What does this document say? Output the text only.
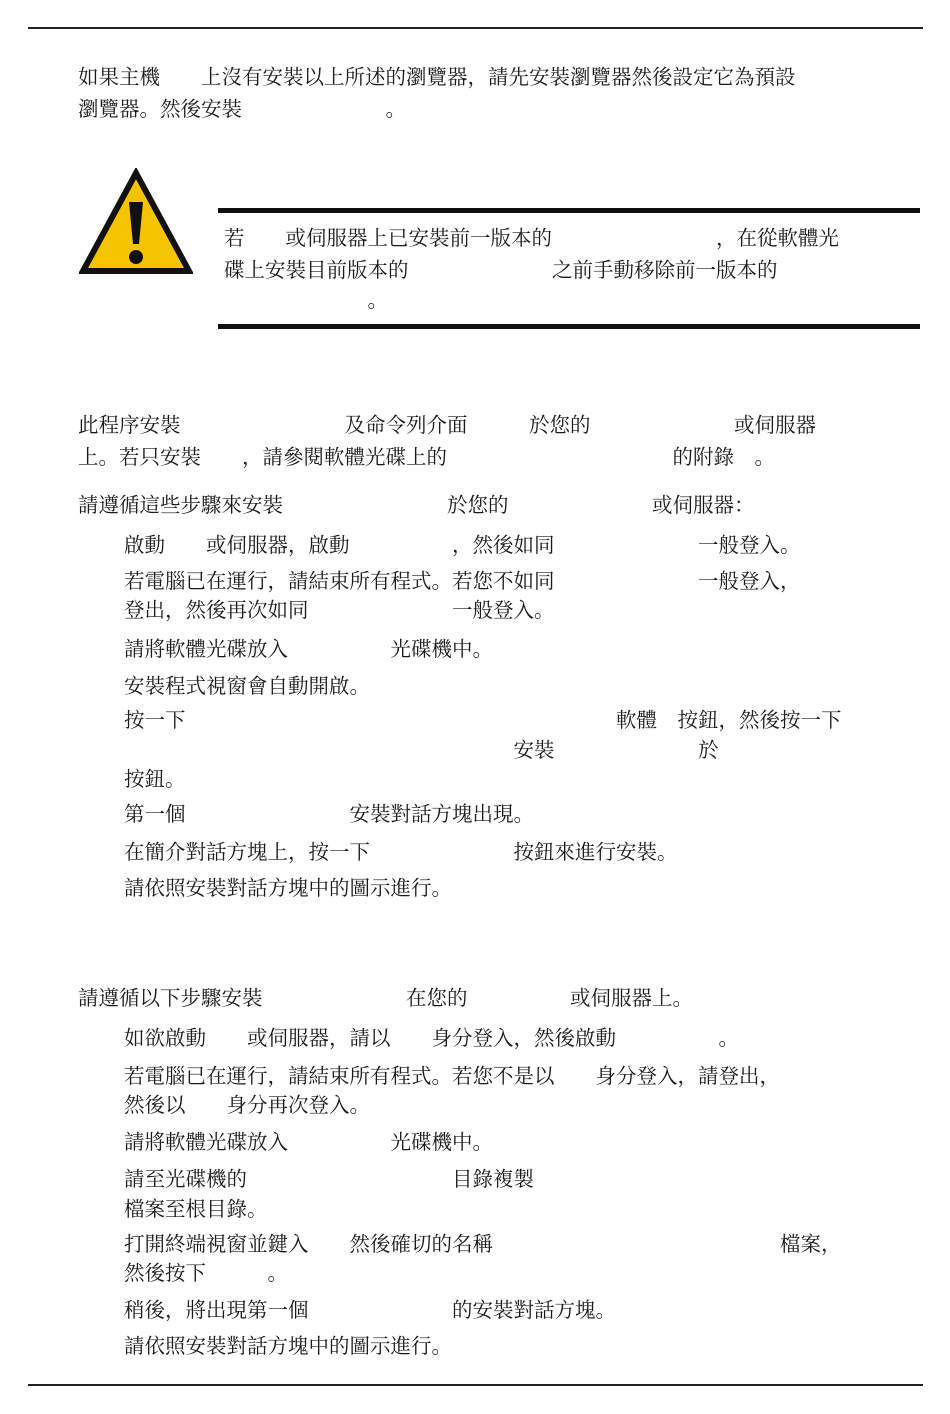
如果主機　　上沒有安裝以上所述的瀏覽器，請先安裝瀏覽器然後設定它為預設
瀏覽器。然後安裝　　　　　　　。
若　　或伺服器上已安裝前一版本的　　　　　　　　，在從軟體光
碟上安裝目前版本的　　　　　　　之前手動移除前一版本的
　　　　　　　。
此程序安裝　　　　　　　　及命令列介面　　　於您的　　　　　　　或伺服器
上。若只安裝　　，請參閱軟體光碟上的　　　　　　　　　　　的附錄　。
請遵循這些步驟來安裝　　　　　　　　於您的　　　　　　　或伺服器：
啟動　　或伺服器，啟動　　　　　，然後如同　　　　　　　一般登入。
若電腦已在運行，請結束所有程式。若您不如同　　　　　　　一般登入，
登出，然後再次如同　　　　　　　一般登入。
請將軟體光碟放入　　　　　光碟機中。
安裝程式視窗會自動開啟。
按一下　　　　　　　　　　　　　　　　　　　　　軟體　按鈕，然後按一下
　　　　　　　　　　　　　　　　　　　安裝　　　　　　　於
按鈕。
第一個　　　　　　　　安裝對話方塊出現。
在簡介對話方塊上，按一下　　　　　　　按鈕來進行安裝。
請依照安裝對話方塊中的圖示進行。
請遵循以下步驟安裝　　　　　　　在您的　　　　　或伺服器上。
如欲啟動　　或伺服器，請以　　身分登入，然後啟動　　　　　。
若電腦已在運行，請結束所有程式。若您不是以　　身分登入，請登出，
然後以　　身分再次登入。
請將軟體光碟放入　　　　　光碟機中。
請至光碟機的　　　　　　　　　　目錄複製
檔案至根目錄。
打開終端視窗並鍵入　　然後確切的名稱　　　　　　　　　　　　　　檔案，
然後按下　　　。
稍後，將出現第一個　　　　　　　的安裝對話方塊。
請依照安裝對話方塊中的圖示進行。
